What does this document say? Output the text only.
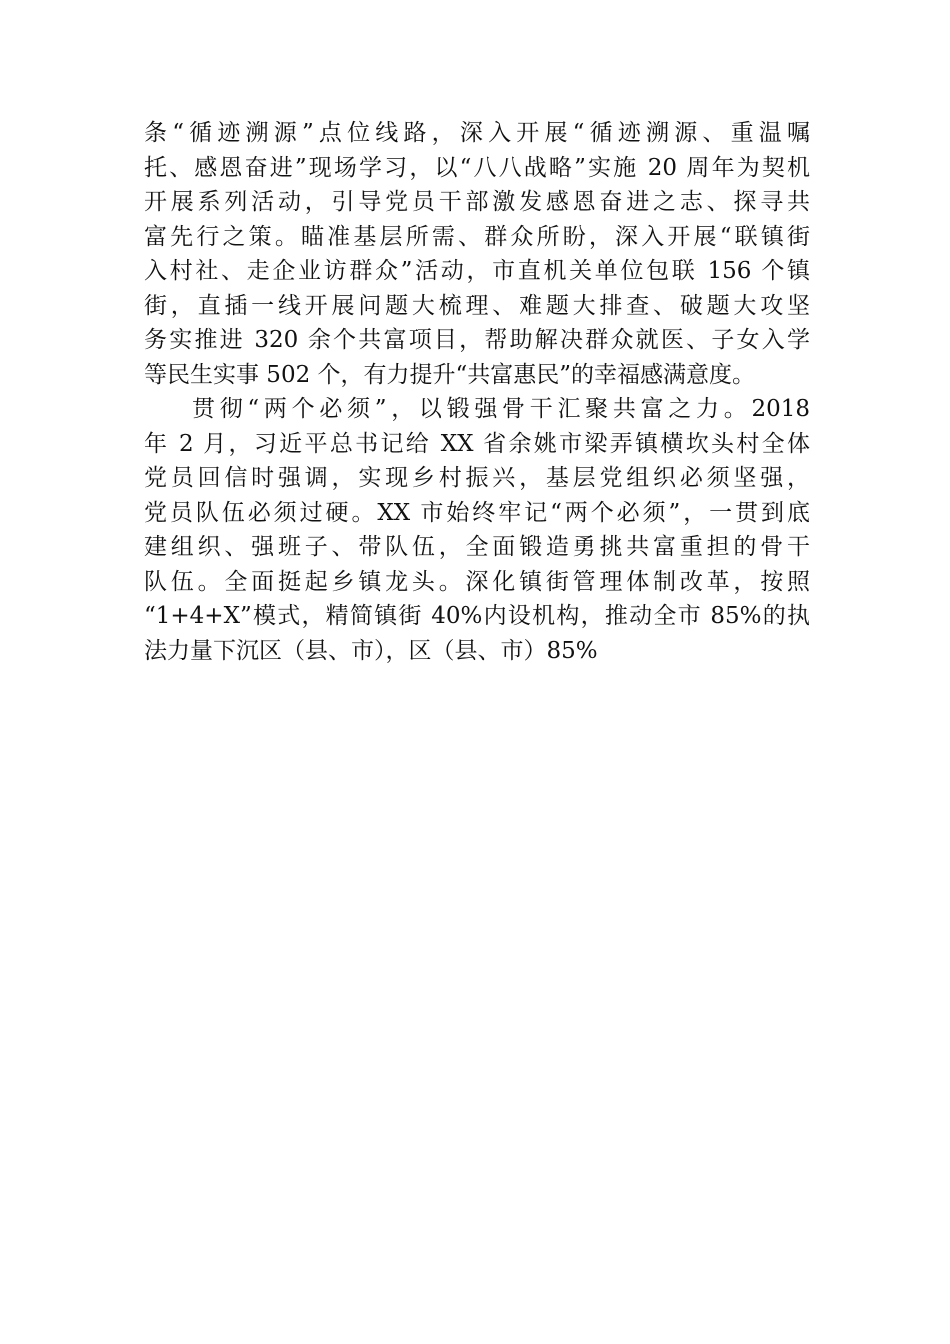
条“循迹溯源”点位线路，深入开展“循迹溯源、重温嘱
托、感恩奋进”现场学习，以“八八战略”实施 20 周年为契机
开展系列活动，引导党员干部激发感恩奋进之志、探寻共
富先行之策。瞄准基层所需、群众所盼，深入开展“联镇街
入村社、走企业访群众”活动，市直机关单位包联 156 个镇
街，直插一线开展问题大梳理、难题大排查、破题大攻坚
务实推进 320 余个共富项目，帮助解决群众就医、子女入学
等民生实事 502 个，有力提升“共富惠民”的幸福感满意度。

贯彻“两个必须”，以锻强骨干汇聚共富之力。2018
年 2 月，习近平总书记给 XX 省余姚市梁弄镇横坎头村全体
党员回信时强调，实现乡村振兴，基层党组织必须坚强，
党员队伍必须过硬。XX 市始终牢记“两个必须”，一贯到底
建组织、强班子、带队伍，全面锻造勇挑共富重担的骨干
队伍。全面挺起乡镇龙头。深化镇街管理体制改革，按照
“1+4+X”模式，精简镇街 40%内设机构，推动全市 85%的执
法力量下沉区（县、市），区（县、市）85%
